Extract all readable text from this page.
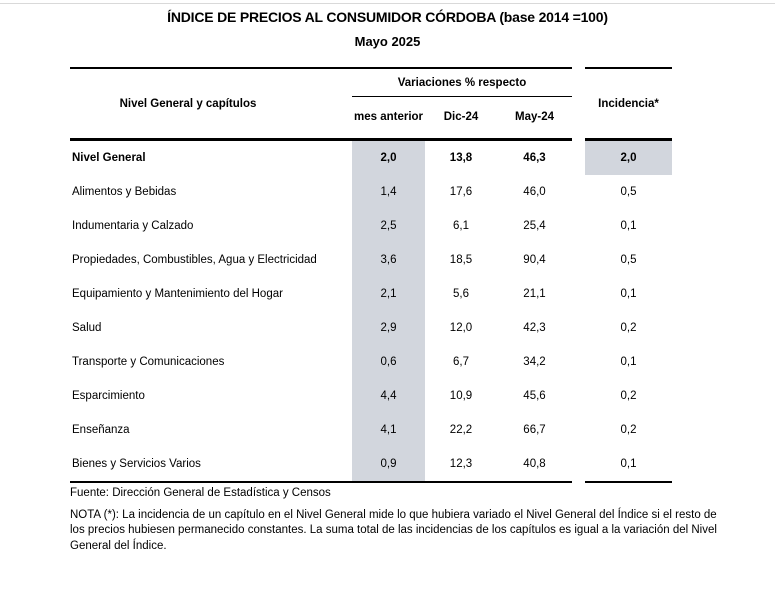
ÍNDICE DE PRECIOS AL CONSUMIDOR CÓRDOBA (base 2014 =100)
Mayo 2025
Nivel General y capítulos
Variaciones % respecto
mes anterior	Dic-24	May-24
Incidencia*
Nivel General	2,0	13,8	46,3	2,0
Alimentos y Bebidas	1,4	17,6	46,0	0,5
Indumentaria y Calzado	2,5	6,1	25,4	0,1
Propiedades, Combustibles, Agua y Electricidad	3,6	18,5	90,4	0,5
Equipamiento y Mantenimiento del Hogar	2,1	5,6	21,1	0,1
Salud	2,9	12,0	42,3	0,2
Transporte y Comunicaciones	0,6	6,7	34,2	0,1
Esparcimiento	4,4	10,9	45,6	0,2
Enseñanza	4,1	22,2	66,7	0,2
Bienes y Servicios Varios	0,9	12,3	40,8	0,1
Fuente: Dirección General de Estadística y Censos
NOTA (*): La incidencia de un capítulo en el Nivel General mide lo que hubiera variado el Nivel General del Índice si el resto de los precios hubiesen permanecido constantes. La suma total de las incidencias de los capítulos es igual a la variación del Nivel General del Índice.
